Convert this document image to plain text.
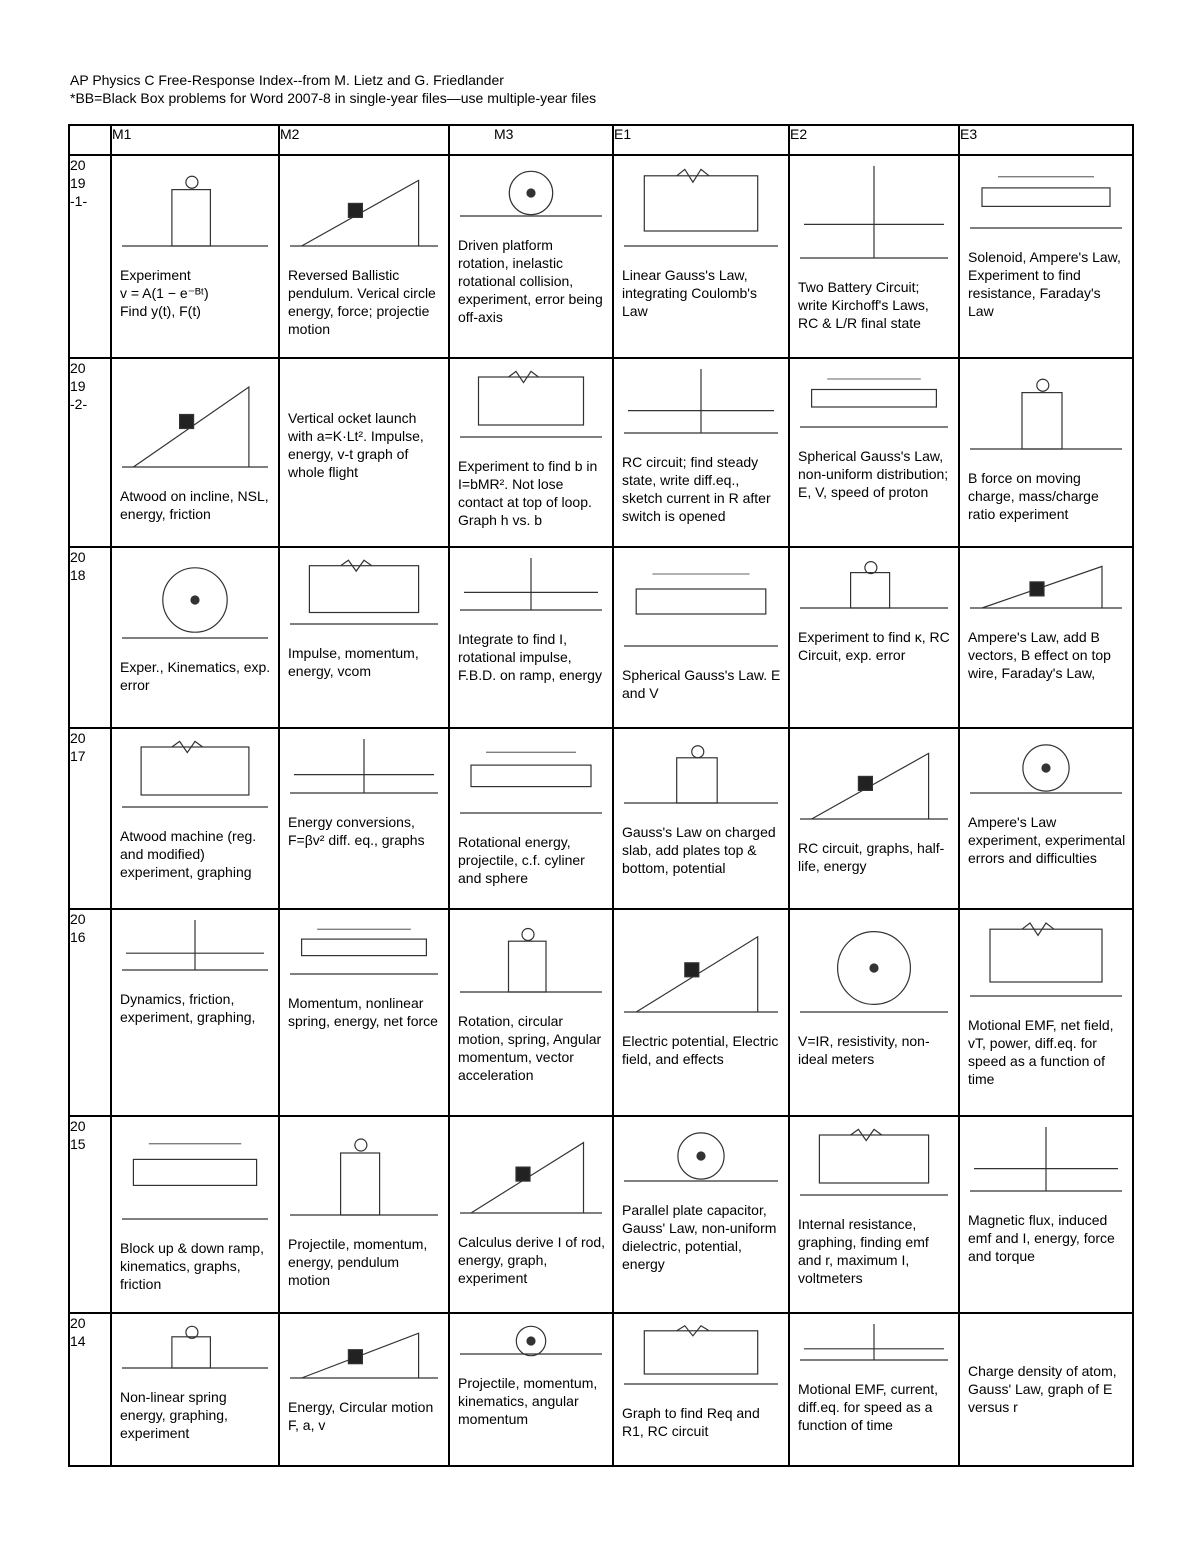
AP Physics C Free-Response Index--from M. Lietz and G. Friedlander
*BB=Black Box problems for Word 2007-8 in single-year files—use multiple-year files
	M1	M2	M3	E1	E2	E3
20
19
-1-	Experiment
v = A(1 − e⁻ᴮᵗ)
Find y(t), F(t)	Reversed Ballistic pendulum. Verical circle energy, force; projectie motion	Driven platform rotation, inelastic rotational collision, experiment, error being off-axis	Linear Gauss's Law, integrating Coulomb's Law	Two Battery Circuit; write Kirchoff's Laws, RC & L/R final state	Solenoid, Ampere's Law, Experiment to find resistance, Faraday's Law

20
19
-2-	Atwood on incline, NSL, energy, friction	Vertical ocket launch with a=K·Lt². Impulse, energy, v-t graph of whole flight	Experiment to find b in I=bMR². Not lose contact at top of loop. Graph h vs. b	RC circuit; find steady state, write diff.eq., sketch current in R after switch is opened	Spherical Gauss's Law, non-uniform distribution; E, V, speed of proton	B force on moving charge, mass/charge ratio experiment

20
18	Exper., Kinematics, exp. error	Impulse, momentum, energy, vcom	Integrate to find I, rotational impulse, F.B.D. on ramp, energy	Spherical Gauss's Law. E and V	Experiment to find κ, RC Circuit, exp. error	Ampere's Law, add B vectors, B effect on top wire, Faraday's Law,

20
17	Atwood machine (reg. and modified) experiment, graphing	Energy conversions, F=βv² diff. eq., graphs	Rotational energy, projectile, c.f. cyliner and sphere	Gauss's Law on charged slab, add plates top & bottom, potential	RC circuit, graphs, half-life, energy	Ampere's Law experiment, experimental errors and difficulties

20
16	Dynamics, friction, experiment, graphing,	Momentum, nonlinear spring, energy, net force	Rotation, circular motion, spring, Angular momentum, vector acceleration	Electric potential, Electric field, and effects	V=IR, resistivity, non-ideal meters	Motional EMF, net field, vT, power, diff.eq. for speed as a function of time

20
15	Block up & down ramp, kinematics, graphs, friction	Projectile, momentum, energy, pendulum motion	Calculus derive I of rod, energy, graph, experiment	Parallel plate capacitor, Gauss' Law, non-uniform dielectric, potential, energy	Internal resistance, graphing, finding emf and r, maximum I, voltmeters	Magnetic flux, induced emf and I, energy, force and torque

20
14	Non-linear spring energy, graphing, experiment	Energy, Circular motion F, a, v	Projectile, momentum, kinematics, angular momentum	Graph to find Req and R1, RC circuit	Motional EMF, current, diff.eq. for speed as a function of time	Charge density of atom, Gauss' Law, graph of E versus r
